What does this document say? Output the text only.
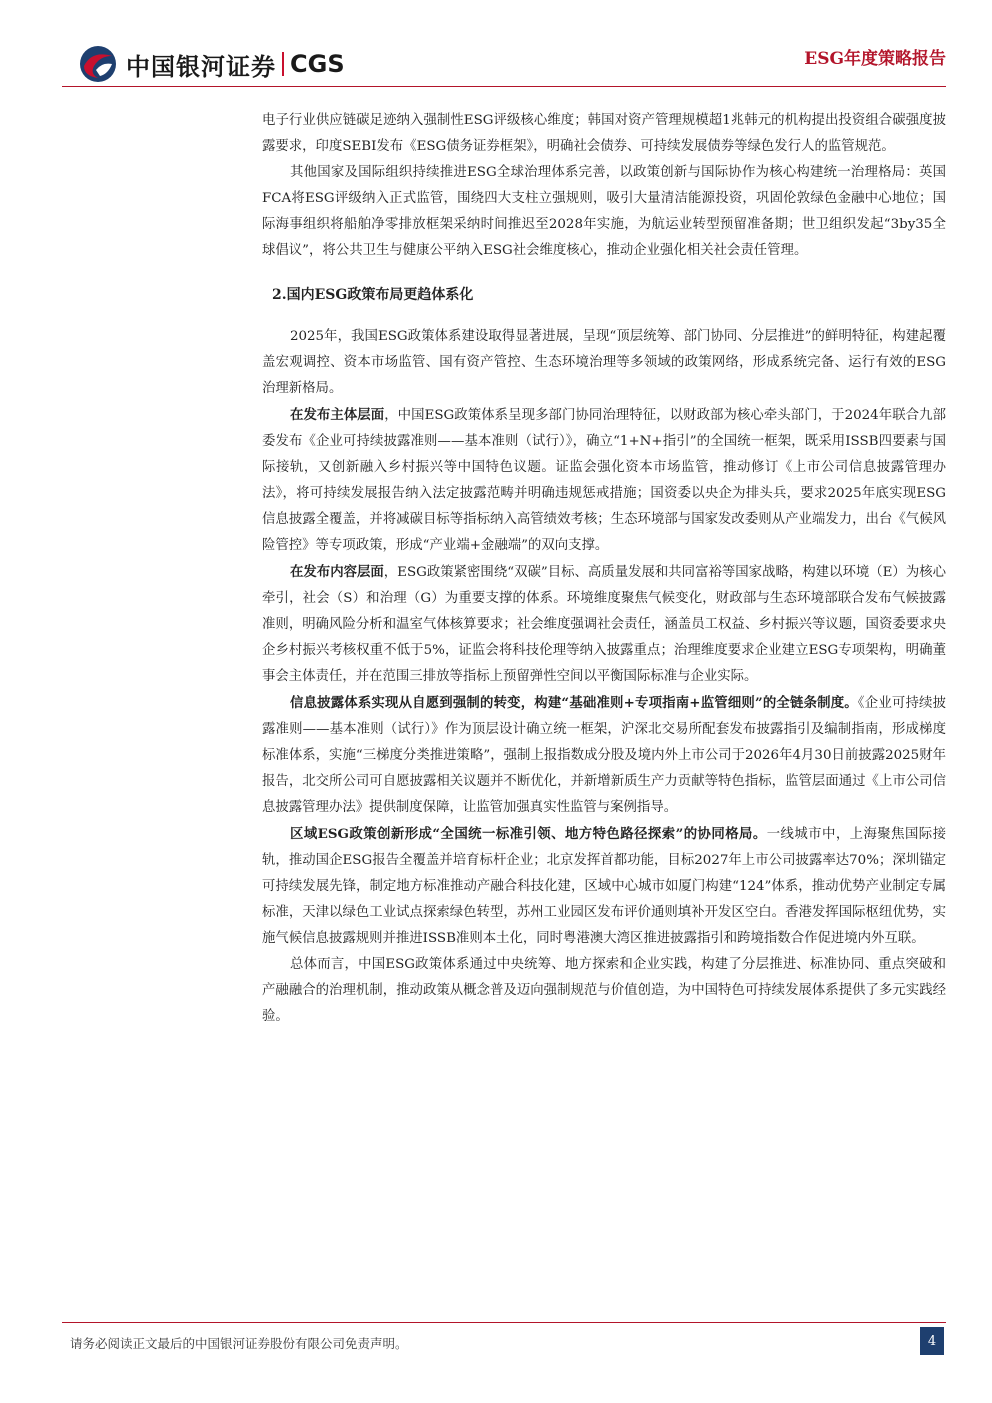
中国银河证券 CGS	ESG年度策略报告

电子行业供应链碳足迹纳入强制性ESG评级核心维度；韩国对资产管理规模超1兆韩元的机构提出投资组合碳强度披露要求，印度SEBI发布《ESG债务证券框架》，明确社会债券、可持续发展债券等绿色发行人的监管规范。

其他国家及国际组织持续推进ESG全球治理体系完善，以政策创新与国际协作为核心构建统一治理格局：英国FCA将ESG评级纳入正式监管，围绕四大支柱立强规则，吸引大量清洁能源投资，巩固伦敦绿色金融中心地位；国际海事组织将船舶净零排放框架采纳时间推迟至2028年实施，为航运业转型预留准备期；世卫组织发起“3by35全球倡议”，将公共卫生与健康公平纳入ESG社会维度核心，推动企业强化相关社会责任管理。

2.国内ESG政策布局更趋体系化

2025年，我国ESG政策体系建设取得显著进展，呈现“顶层统筹、部门协同、分层推进”的鲜明特征，构建起覆盖宏观调控、资本市场监管、国有资产管控、生态环境治理等多领域的政策网络，形成系统完备、运行有效的ESG治理新格局。

在发布主体层面，中国ESG政策体系呈现多部门协同治理特征，以财政部为核心牵头部门，于2024年联合九部委发布《企业可持续披露准则——基本准则（试行）》，确立“1+N+指引”的全国统一框架，既采用ISSB四要素与国际接轨，又创新融入乡村振兴等中国特色议题。证监会强化资本市场监管，推动修订《上市公司信息披露管理办法》，将可持续发展报告纳入法定披露范畴并明确违规惩戒措施；国资委以央企为排头兵，要求2025年底实现ESG信息披露全覆盖，并将减碳目标等指标纳入高管绩效考核；生态环境部与国家发改委则从产业端发力，出台《气候风险管控》等专项政策，形成“产业端+金融端”的双向支撑。

在发布内容层面，ESG政策紧密围绕“双碳”目标、高质量发展和共同富裕等国家战略，构建以环境（E）为核心牵引，社会（S）和治理（G）为重要支撑的体系。环境维度聚焦气候变化，财政部与生态环境部联合发布气候披露准则，明确风险分析和温室气体核算要求；社会维度强调社会责任，涵盖员工权益、乡村振兴等议题，国资委要求央企乡村振兴考核权重不低于5%，证监会将科技伦理等纳入披露重点；治理维度要求企业建立ESG专项架构，明确董事会主体责任，并在范围三排放等指标上预留弹性空间以平衡国际标准与企业实际。

信息披露体系实现从自愿到强制的转变，构建“基础准则+专项指南+监管细则”的全链条制度。《企业可持续披露准则——基本准则（试行）》作为顶层设计确立统一框架，沪深北交易所配套发布披露指引及编制指南，形成梯度标准体系，实施“三梯度分类推进策略”，强制上报指数成分股及境内外上市公司于2026年4月30日前披露2025财年报告，北交所公司可自愿披露相关议题并不断优化，并新增新质生产力贡献等特色指标，监管层面通过《上市公司信息披露管理办法》提供制度保障，让监管加强真实性监管与案例指导。

区域ESG政策创新形成“全国统一标准引领、地方特色路径探索”的协同格局。一线城市中，上海聚焦国际接轨，推动国企ESG报告全覆盖并培育标杆企业；北京发挥首都功能，目标2027年上市公司披露率达70%；深圳锚定可持续发展先锋，制定地方标准推动产融合科技化建，区域中心城市如厦门构建“124”体系，推动优势产业制定专属标准，天津以绿色工业试点探索绿色转型，苏州工业园区发布评价通则填补开发区空白。香港发挥国际枢纽优势，实施气候信息披露规则并推进ISSB准则本土化，同时粤港澳大湾区推进披露指引和跨境指数合作促进境内外互联。

总体而言，中国ESG政策体系通过中央统筹、地方探索和企业实践，构建了分层推进、标准协同、重点突破和产融融合的治理机制，推动政策从概念普及迈向强制规范与价值创造，为中国特色可持续发展体系提供了多元实践经验。

请务必阅读正文最后的中国银河证券股份有限公司免责声明。	4
